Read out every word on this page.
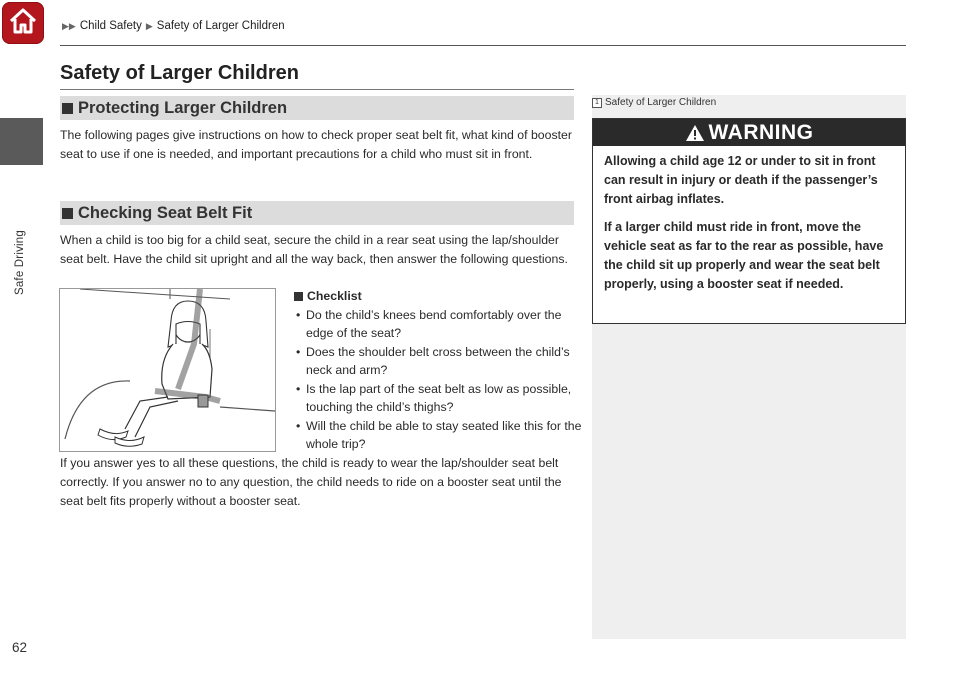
Safe Driving
▶▶ Child Safety ▶ Safety of Larger Children
Safety of Larger Children
Protecting Larger Children
The following pages give instructions on how to check proper seat belt fit, what kind of booster seat to use if one is needed, and important precautions for a child who must sit in front.
Checking Seat Belt Fit
When a child is too big for a child seat, secure the child in a rear seat using the lap/shoulder seat belt. Have the child sit upright and all the way back, then answer the following questions.
Checklist
• Do the child’s knees bend comfortably over the edge of the seat?
• Does the shoulder belt cross between the child’s neck and arm?
• Is the lap part of the seat belt as low as possible, touching the child’s thighs?
• Will the child be able to stay seated like this for the whole trip?
If you answer yes to all these questions, the child is ready to wear the lap/shoulder seat belt correctly. If you answer no to any question, the child needs to ride on a booster seat until the seat belt fits properly without a booster seat.
1 Safety of Larger Children
WARNING

Allowing a child age 12 or under to sit in front can result in injury or death if the passenger’s front airbag inflates.

If a larger child must ride in front, move the vehicle seat as far to the rear as possible, have the child sit up properly and wear the seat belt properly, using a booster seat if needed.

62
